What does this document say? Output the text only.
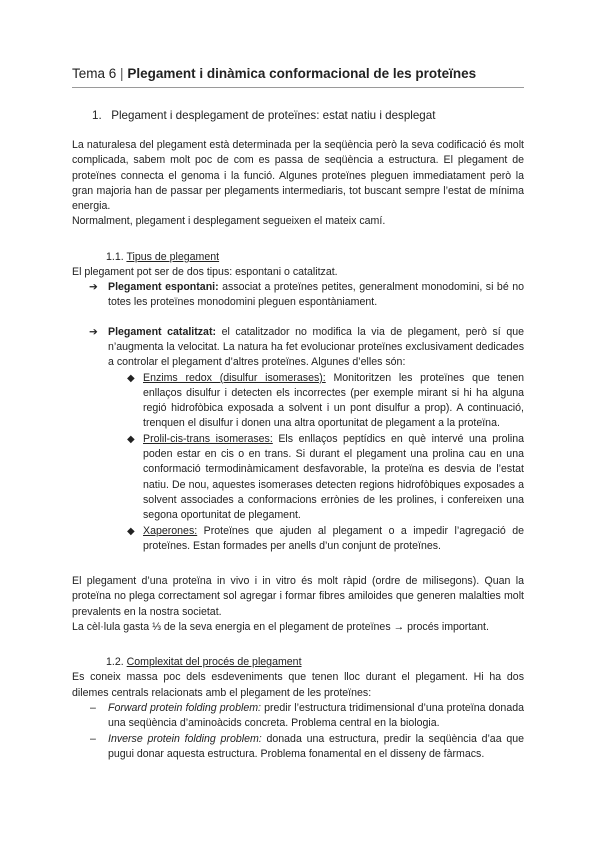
Tema 6 | Plegament i dinàmica conformacional de les proteïnes
1. Plegament i desplegament de proteïnes: estat natiu i desplegat

La naturalesa del plegament està determinada per la seqüència però la seva codificació és molt complicada, sabem molt poc de com es passa de seqüència a estructura. El plegament de proteïnes connecta el genoma i la funció. Algunes proteïnes pleguen immediatament però la gran majoria han de passar per plegaments intermediaris, tot buscant sempre l’estat de mínima energia.

Normalment, plegament i desplegament segueixen el mateix camí.

1.1. Tipus de plegament

El plegament pot ser de dos tipus: espontani o catalitzat.

➔ Plegament espontani: associat a proteïnes petites, generalment monodomini, si bé no totes les proteïnes monodomini pleguen espontàniament.
➔ Plegament catalitzat: el catalitzador no modifica la via de plegament, però sí que n’augmenta la velocitat. La natura ha fet evolucionar proteïnes exclusivament dedicades a controlar el plegament d’altres proteïnes. Algunes d’elles són:
◆ Enzims redox (disulfur isomerases): Monitoritzen les proteïnes que tenen enllaços disulfur i detecten els incorrectes (per exemple mirant si hi ha alguna regió hidrofòbica exposada a solvent i un pont disulfur a prop). A continuació, trenquen el disulfur i donen una altra oportunitat de plegament a la proteïna.
◆ Prolil-cis-trans isomerases: Els enllaços peptídics en què intervé una prolina poden estar en cis o en trans. Si durant el plegament una prolina cau en una conformació termodinàmicament desfavorable, la proteïna es desvia de l’estat natiu. De nou, aquestes isomerases detecten regions hidrofòbiques exposades a solvent associades a conformacions errònies de les prolines, i confereixen una segona oportunitat de plegament.
◆ Xaperones: Proteïnes que ajuden al plegament o a impedir l’agregació de proteïnes. Estan formades per anells d’un conjunt de proteïnes.

El plegament d’una proteïna in vivo i in vitro és molt ràpid (ordre de milisegons). Quan la proteïna no plega correctament sol agregar i formar fibres amiloides que generen malalties molt prevalents en la nostra societat.

La cèl·lula gasta ⅓ de la seva energia en el plegament de proteïnes → procés important.

1.2. Complexitat del procés de plegament

Es coneix massa poc dels esdeveniments que tenen lloc durant el plegament. Hi ha dos dilemes centrals relacionats amb el plegament de les proteïnes:

– Forward protein folding problem: predir l’estructura tridimensional d’una proteïna donada una seqüència d’aminoàcids concreta. Problema central en la biologia.
– Inverse protein folding problem: donada una estructura, predir la seqüència d’aa que pugui donar aquesta estructura. Problema fonamental en el disseny de fàrmacs.
